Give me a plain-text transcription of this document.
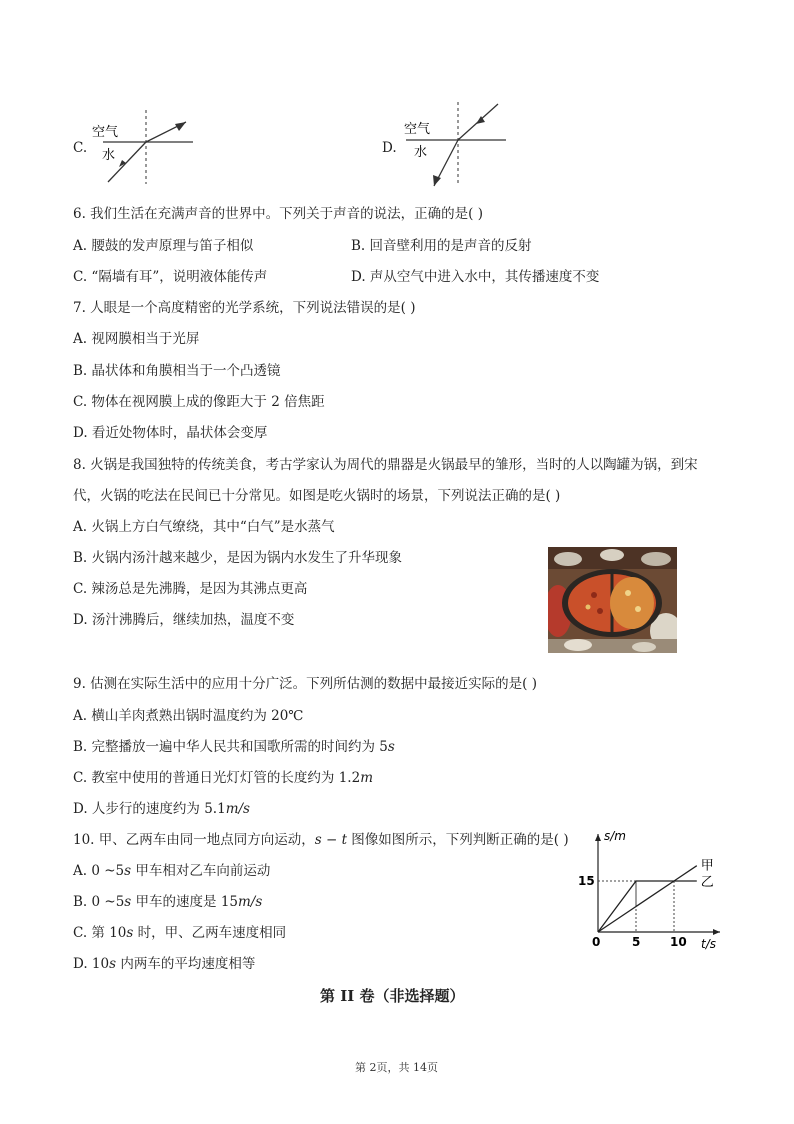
C.
空气
水	D.
空气
水
6. 我们生活在充满声音的世界中。下列关于声音的说法，正确的是( )
A. 腰鼓的发声原理与笛子相似	B. 回音壁利用的是声音的反射
C. “隔墙有耳”，说明液体能传声	D. 声从空气中进入水中，其传播速度不变
7. 人眼是一个高度精密的光学系统，下列说法错误的是( )
A. 视网膜相当于光屏
B. 晶状体和角膜相当于一个凸透镜
C. 物体在视网膜上成的像距大于 2 倍焦距
D. 看近处物体时，晶状体会变厚
8. 火锅是我国独特的传统美食，考古学家认为周代的鼎器是火锅最早的雏形，当时的人以陶罐为锅，到宋
代，火锅的吃法在民间已十分常见。如图是吃火锅时的场景，下列说法正确的是( )
A. 火锅上方白气缭绕，其中“白气”是水蒸气
B. 火锅内汤汁越来越少，是因为锅内水发生了升华现象
C. 辣汤总是先沸腾，是因为其沸点更高
D. 汤汁沸腾后，继续加热，温度不变
9. 估测在实际生活中的应用十分广泛。下列所估测的数据中最接近实际的是( )
A. 横山羊肉煮熟出锅时温度约为 20℃
B. 完整播放一遍中华人民共和国歌所需的时间约为 5s
C. 教室中使用的普通日光灯灯管的长度约为 1.2m
D. 人步行的速度约为 5.1m/s
10. 甲、乙两车由同一地点同方向运动，s − t 图像如图所示，下列判断正确的是( )
A. 0 ~5s 甲车相对乙车向前运动
B. 0 ~5s 甲车的速度是 15m/s
C. 第 10s 时，甲、乙两车速度相同
D. 10s 内两车的平均速度相等
s/m
t/s
0	5 10
15
甲
乙
第 II 卷（非选择题）
第 2页，共 14页
